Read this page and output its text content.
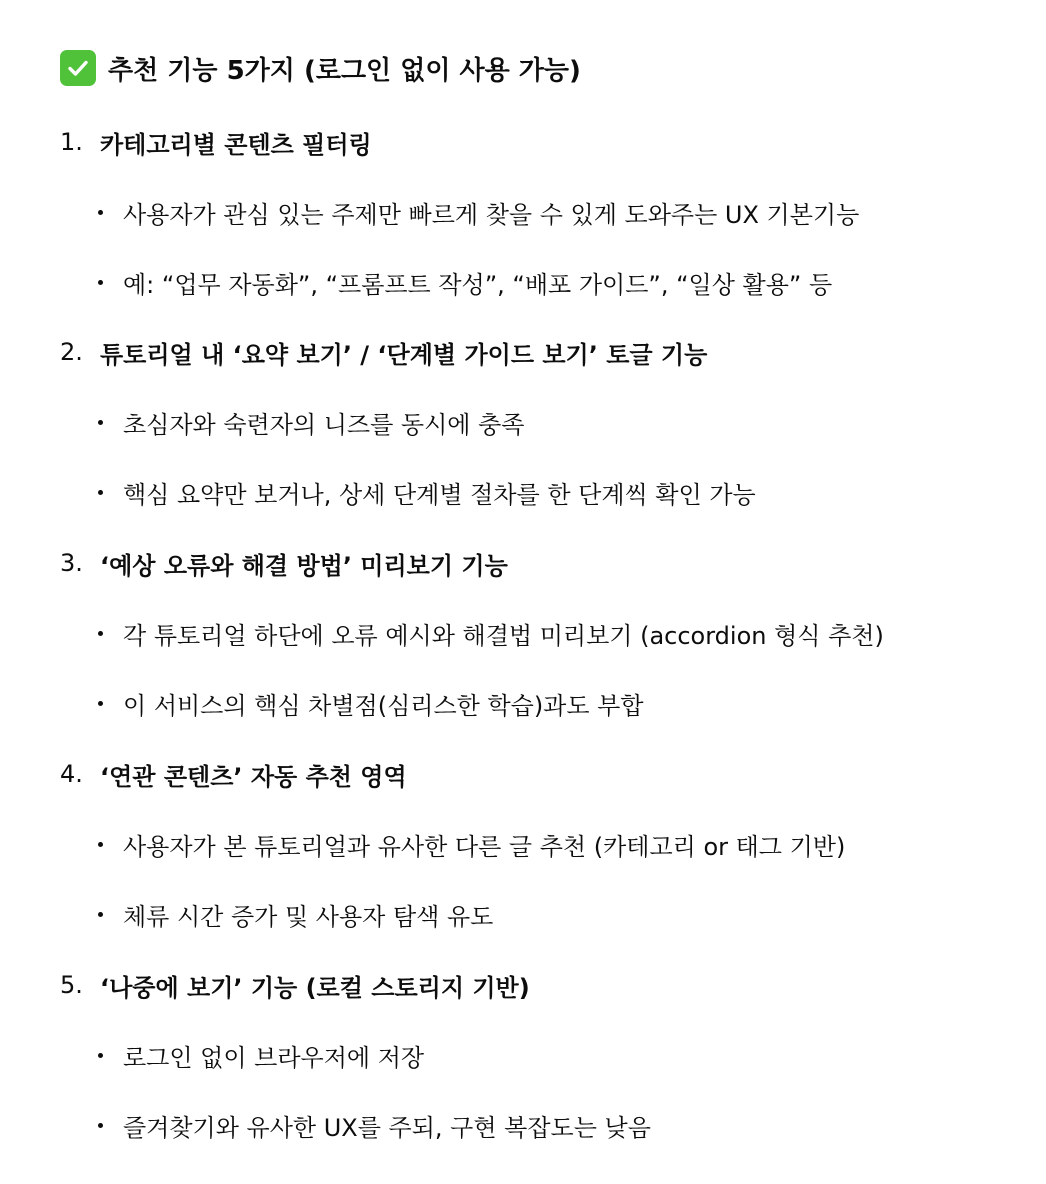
추천 기능 5가지 (로그인 없이 사용 가능)
1. 카테고리별 콘텐츠 필터링
사용자가 관심 있는 주제만 빠르게 찾을 수 있게 도와주는 UX 기본기능
예: “업무 자동화”, “프롬프트 작성”, “배포 가이드”, “일상 활용” 등
2. 튜토리얼 내 ‘요약 보기’ / ‘단계별 가이드 보기’ 토글 기능
초심자와 숙련자의 니즈를 동시에 충족
핵심 요약만 보거나, 상세 단계별 절차를 한 단계씩 확인 가능
3. ‘예상 오류와 해결 방법’ 미리보기 기능
각 튜토리얼 하단에 오류 예시와 해결법 미리보기 (accordion 형식 추천)
이 서비스의 핵심 차별점(심리스한 학습)과도 부합
4. ‘연관 콘텐츠’ 자동 추천 영역
사용자가 본 튜토리얼과 유사한 다른 글 추천 (카테고리 or 태그 기반)
체류 시간 증가 및 사용자 탐색 유도
5. ‘나중에 보기’ 기능 (로컬 스토리지 기반)
로그인 없이 브라우저에 저장
즐겨찾기와 유사한 UX를 주되, 구현 복잡도는 낮음
